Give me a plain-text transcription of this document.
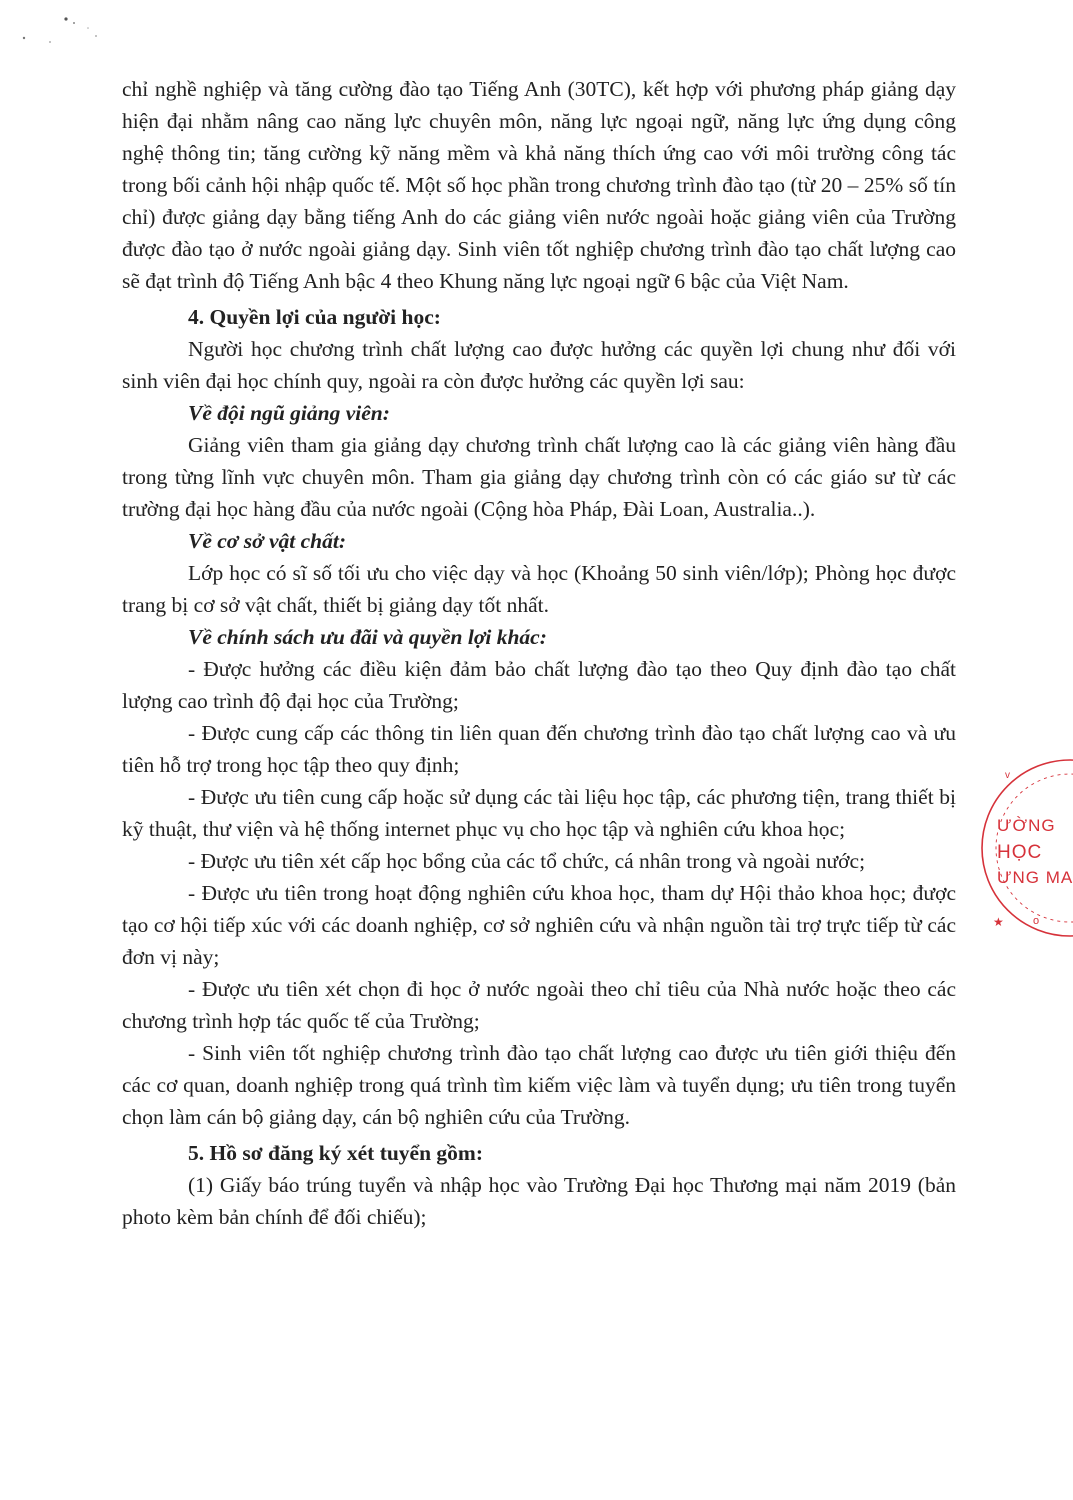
chỉ nghề nghiệp và tăng cường đào tạo Tiếng Anh (30TC), kết hợp với phương pháp giảng dạy hiện đại nhằm nâng cao năng lực chuyên môn, năng lực ngoại ngữ, năng lực ứng dụng công nghệ thông tin; tăng cường kỹ năng mềm và khả năng thích ứng cao với môi trường công tác trong bối cảnh hội nhập quốc tế. Một số học phần trong chương trình đào tạo (từ 20 – 25% số tín chỉ) được giảng dạy bằng tiếng Anh do các giảng viên nước ngoài hoặc giảng viên của Trường được đào tạo ở nước ngoài giảng dạy. Sinh viên tốt nghiệp chương trình đào tạo chất lượng cao sẽ đạt trình độ Tiếng Anh bậc 4 theo Khung năng lực ngoại ngữ 6 bậc của Việt Nam.

4. Quyền lợi của người học:

Người học chương trình chất lượng cao được hưởng các quyền lợi chung như đối với sinh viên đại học chính quy, ngoài ra còn được hưởng các quyền lợi sau:

Về đội ngũ giảng viên:

Giảng viên tham gia giảng dạy chương trình chất lượng cao là các giảng viên hàng đầu trong từng lĩnh vực chuyên môn. Tham gia giảng dạy chương trình còn có các giáo sư từ các trường đại học hàng đầu của nước ngoài (Cộng hòa Pháp, Đài Loan, Australia..).

Về cơ sở vật chất:

Lớp học có sĩ số tối ưu cho việc dạy và học (Khoảng 50 sinh viên/lớp); Phòng học được trang bị cơ sở vật chất, thiết bị giảng dạy tốt nhất.

Về chính sách ưu đãi và quyền lợi khác:

- Được hưởng các điều kiện đảm bảo chất lượng đào tạo theo Quy định đào tạo chất lượng cao trình độ đại học của Trường;

- Được cung cấp các thông tin liên quan đến chương trình đào tạo chất lượng cao và ưu tiên hỗ trợ trong học tập theo quy định;

- Được ưu tiên cung cấp hoặc sử dụng các tài liệu học tập, các phương tiện, trang thiết bị kỹ thuật, thư viện và hệ thống internet phục vụ cho học tập và nghiên cứu khoa học;

- Được ưu tiên xét cấp học bổng của các tổ chức, cá nhân trong và ngoài nước;

- Được ưu tiên trong hoạt động nghiên cứu khoa học, tham dự Hội thảo khoa học; được tạo cơ hội tiếp xúc với các doanh nghiệp, cơ sở nghiên cứu và nhận nguồn tài trợ trực tiếp từ các đơn vị này;

- Được ưu tiên xét chọn đi học ở nước ngoài theo chỉ tiêu của Nhà nước hoặc theo các chương trình hợp tác quốc tế của Trường;

- Sinh viên tốt nghiệp chương trình đào tạo chất lượng cao được ưu tiên giới thiệu đến các cơ quan, doanh nghiệp trong quá trình tìm kiếm việc làm và tuyển dụng; ưu tiên trong tuyển chọn làm cán bộ giảng dạy, cán bộ nghiên cứu của Trường.

5. Hồ sơ đăng ký xét tuyển gồm:

(1) Giấy báo trúng tuyển và nhập học vào Trường Đại học Thương mại năm 2019 (bản photo kèm bản chính để đối chiếu);

v
★	o
ƯỜNG
HỌC
ƯNG MA
